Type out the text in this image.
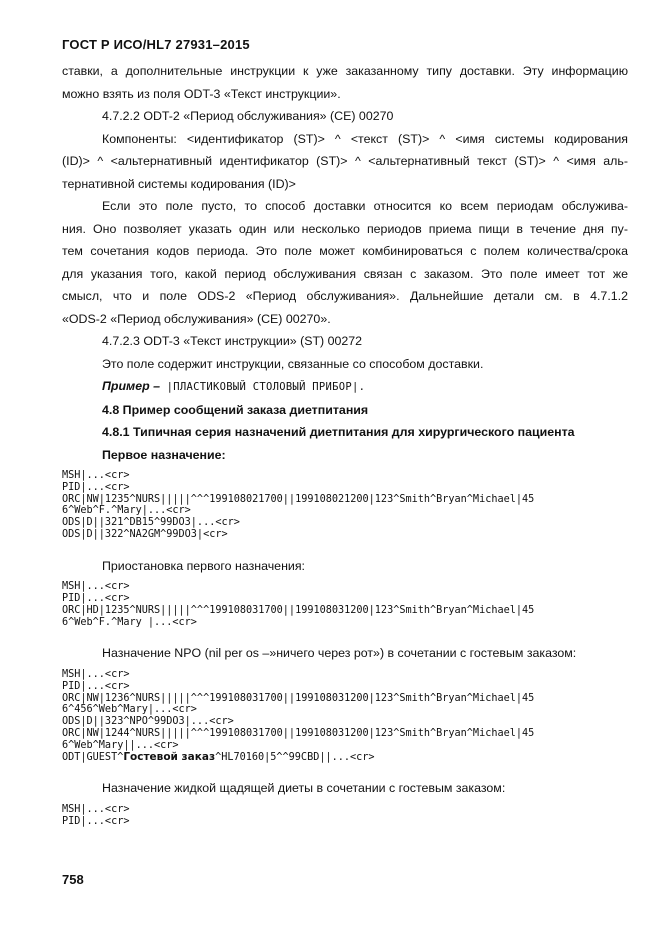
ГОСТ Р ИСО/HL7 27931–2015
ставки, а дополнительные инструкции к уже заказанному типу доставки. Эту информацию
можно взять из поля ODT-3 «Текст инструкции».
4.7.2.2 ODT-2 «Период обслуживания» (CE) 00270
Компоненты: <идентификатор (ST)> ^ <текст (ST)> ^ <имя системы кодирования
(ID)> ^ <альтернативный идентификатор (ST)> ^ <альтернативный текст (ST)> ^ <имя аль-
тернативной системы кодирования (ID)>
Если это поле пусто, то способ доставки относится ко всем периодам обслужива-
ния. Оно позволяет указать один или несколько периодов приема пищи в течение дня пу-
тем сочетания кодов периода. Это поле может комбинироваться с полем количества/срока
для указания того, какой период обслуживания связан с заказом. Это поле имеет тот же
смысл, что и поле ODS-2 «Период обслуживания». Дальнейшие детали см. в 4.7.1.2
«ODS-2 «Период обслуживания» (CE) 00270».
4.7.2.3 ODT-3 «Текст инструкции» (ST) 00272
Это поле содержит инструкции, связанные со способом доставки.
Пример – |ПЛАСТИКОВЫЙ СТОЛОВЫЙ ПРИБОР|.
4.8 Пример сообщений заказа диетпитания
4.8.1 Типичная серия назначений диетпитания для хирургического пациента
Первое назначение:
MSH|...<cr>
PID|...<cr>
ORC|NW|1235^NURS|||||^^^199108021700||199108021200|123^Smith^Bryan^Michael|45
6^Web^F.^Mary|...<cr>
ODS|D||321^DB15^99DO3|...<cr>
ODS|D||322^NA2GM^99DO3|<cr>
Приостановка первого назначения:
MSH|...<cr>
PID|...<cr>
ORC|HD|1235^NURS|||||^^^199108031700||199108031200|123^Smith^Bryan^Michael|45
6^Web^F.^Mary |...<cr>
Назначение NPO (nil per os –»ничего через рот») в сочетании с гостевым заказом:
MSH|...<cr>
PID|...<cr>
ORC|NW|1236^NURS|||||^^^199108031700||199108031200|123^Smith^Bryan^Michael|45
6^456^Web^Mary|...<cr>
ODS|D||323^NPO^99DO3|...<cr>
ORC|NW|1244^NURS|||||^^^199108031700||199108031200|123^Smith^Bryan^Michael|45
6^Web^Mary||...<cr>
ODT|GUEST^Гостевой заказ^HL70160|5^^99CBD||...<cr>
Назначение жидкой щадящей диеты в сочетании с гостевым заказом:
MSH|...<cr>
PID|...<cr>
758
